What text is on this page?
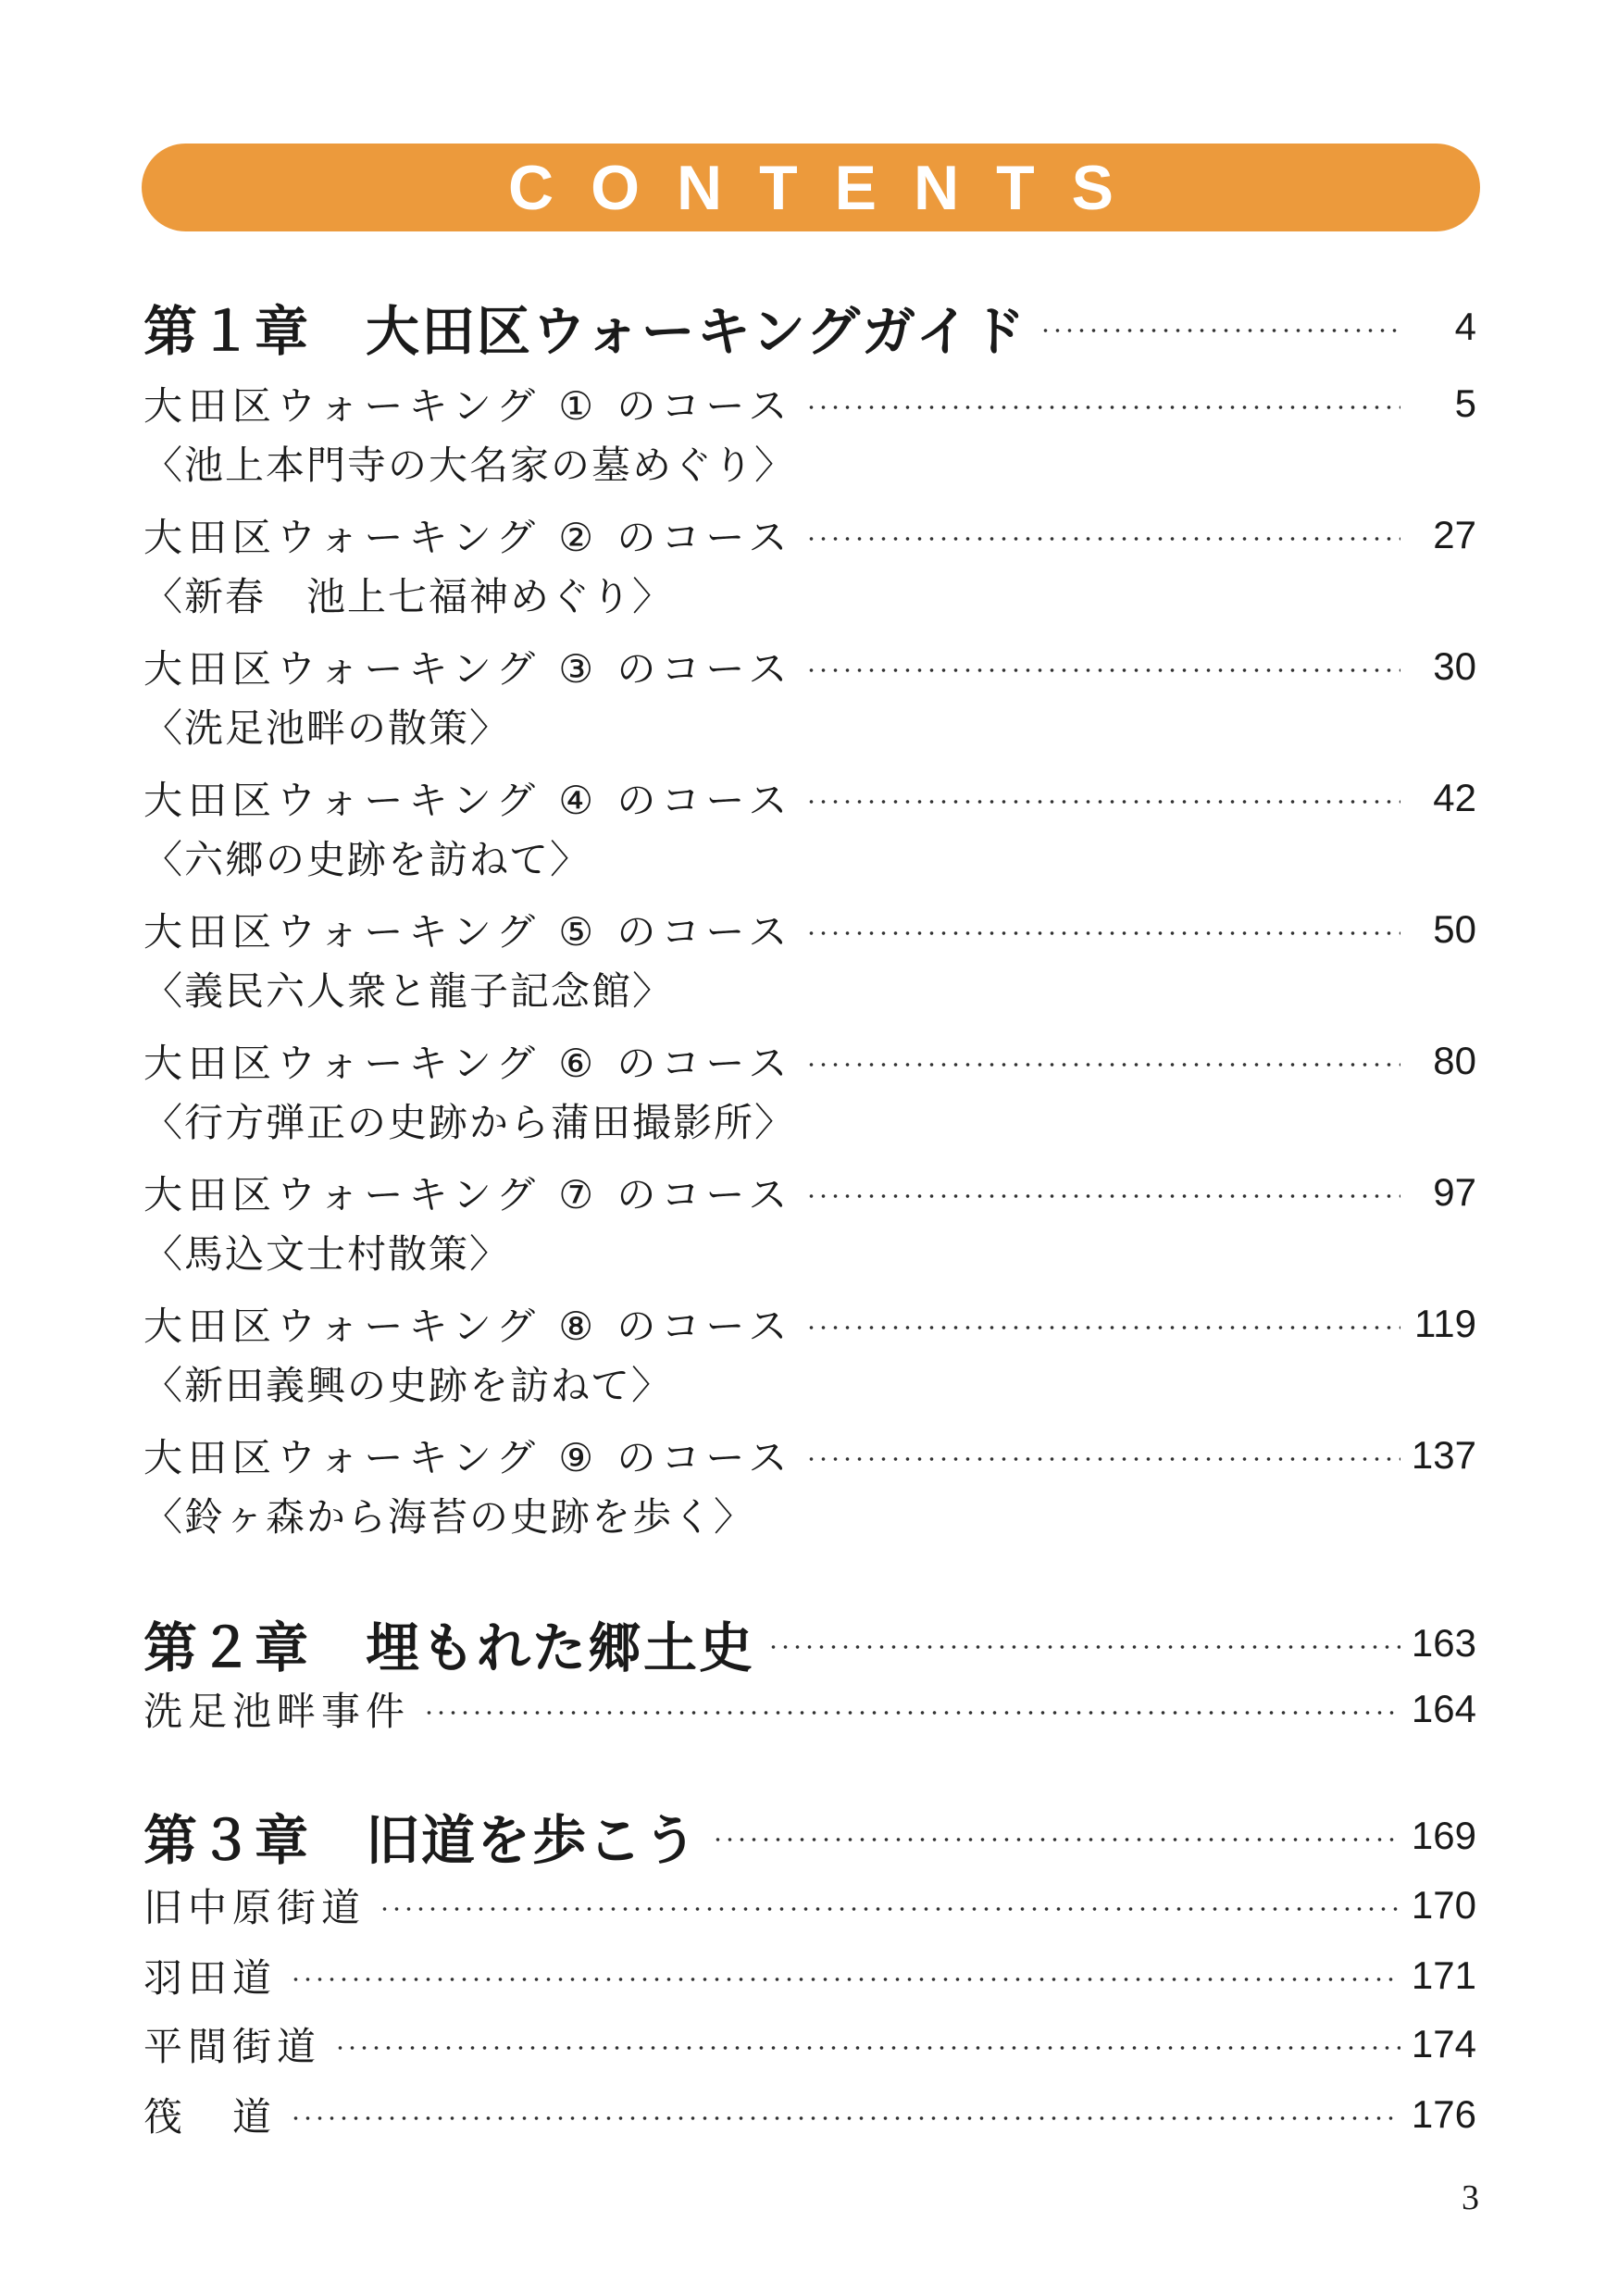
CONTENTS
第１章　大田区ウォーキングガイド	4
大田区ウォーキング ① のコース	5
〈池上本門寺の大名家の墓めぐり〉
大田区ウォーキング ② のコース	27
〈新春　池上七福神めぐり〉
大田区ウォーキング ③ のコース	30
〈洗足池畔の散策〉
大田区ウォーキング ④ のコース	42
〈六郷の史跡を訪ねて〉
大田区ウォーキング ⑤ のコース	50
〈義民六人衆と龍子記念館〉
大田区ウォーキング ⑥ のコース	80
〈行方弾正の史跡から蒲田撮影所〉
大田区ウォーキング ⑦ のコース	97
〈馬込文士村散策〉
大田区ウォーキング ⑧ のコース	119
〈新田義興の史跡を訪ねて〉
大田区ウォーキング ⑨ のコース	137
〈鈴ヶ森から海苔の史跡を歩く〉
第２章　埋もれた郷土史	163
洗足池畔事件	164
第３章　旧道を歩こう	169
旧中原街道	170
羽田道	171
平間街道	174
筏　道	176
3
